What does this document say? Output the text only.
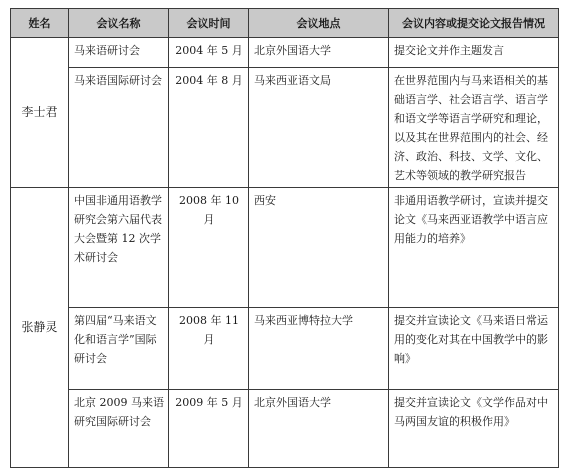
姓名	会议名称	会议时间	会议地点	会议内容或提交论文报告情况
李士君	马来语研讨会	2004 年 5 月	北京外国语大学	提交论文并作主题发言
	马来语国际研讨会	2004 年 8 月	马来西亚语文局	在世界范围内与马来语相关的基础语言学、社会语言学、语言学和语文学等语言学研究和理论，以及其在世界范围内的社会、经济、政治、科技、文学、文化、艺术等领域的教学研究报告
张静灵	中国非通用语教学研究会第六届代表大会暨第 12 次学术研讨会	2008 年 10 月	西安	非通用语教学研讨，宣读并提交论文《马来西亚语教学中语言应用能力的培养》
	第四届“马来语文化和语言学”国际研讨会	2008 年 11 月	马来西亚博特拉大学	提交并宣读论文《马来语日常运用的变化对其在中国教学中的影响》
	北京 2009 马来语研究国际研讨会	2009 年 5 月	北京外国语大学	提交并宣读论文《文学作品对中马两国友谊的积极作用》
